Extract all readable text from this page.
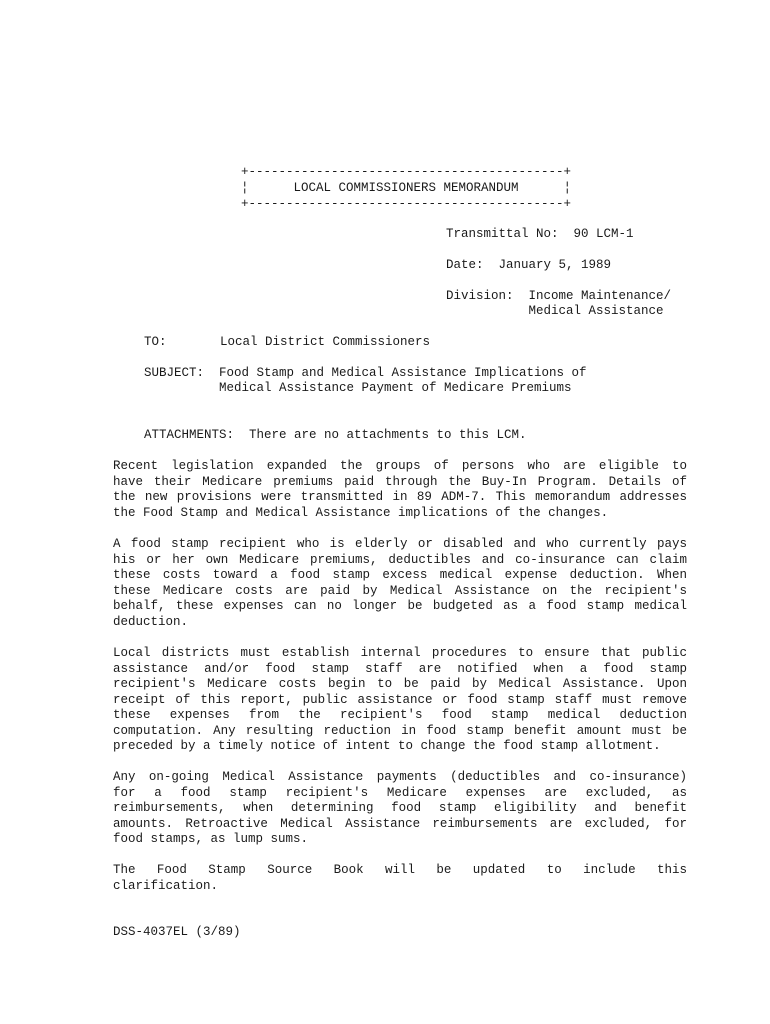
+------------------------------------------+
¦      LOCAL COMMISSIONERS MEMORANDUM      ¦
+------------------------------------------+
Transmittal No:  90 LCM-1
Date:  January 5, 1989
Division:  Income Maintenance/
Medical Assistance
TO:	Local District Commissioners
SUBJECT: Food Stamp and Medical Assistance Implications of
Medical Assistance Payment of Medicare Premiums
ATTACHMENTS:  There are no attachments to this LCM.
Recent legislation expanded the groups of persons who are eligible to
have their Medicare premiums paid through the Buy-In Program. Details of
the new provisions were transmitted in 89 ADM-7. This memorandum addresses
the Food Stamp and Medical Assistance implications of the changes.
A food stamp recipient who is elderly or disabled and who currently pays
his or her own Medicare premiums, deductibles and co-insurance can claim
these costs toward a food stamp excess medical expense deduction. When
these Medicare costs are paid by Medical Assistance on the recipient's
behalf, these expenses can no longer be budgeted as a food stamp medical
deduction.
Local districts must establish internal procedures to ensure that public
assistance and/or food stamp staff are notified when a food stamp
recipient's Medicare costs begin to be paid by Medical Assistance. Upon
receipt of this report, public assistance or food stamp staff must remove
these expenses from the recipient's food stamp medical deduction
computation. Any resulting reduction in food stamp benefit amount must be
preceded by a timely notice of intent to change the food stamp allotment.
Any on-going Medical Assistance payments (deductibles and co-insurance)
for a food stamp recipient's Medicare expenses are excluded, as
reimbursements, when determining food stamp eligibility and benefit
amounts. Retroactive Medical Assistance reimbursements are excluded, for
food stamps, as lump sums.
The Food Stamp Source Book will be updated to include this
clarification.
DSS-4037EL (3/89)
